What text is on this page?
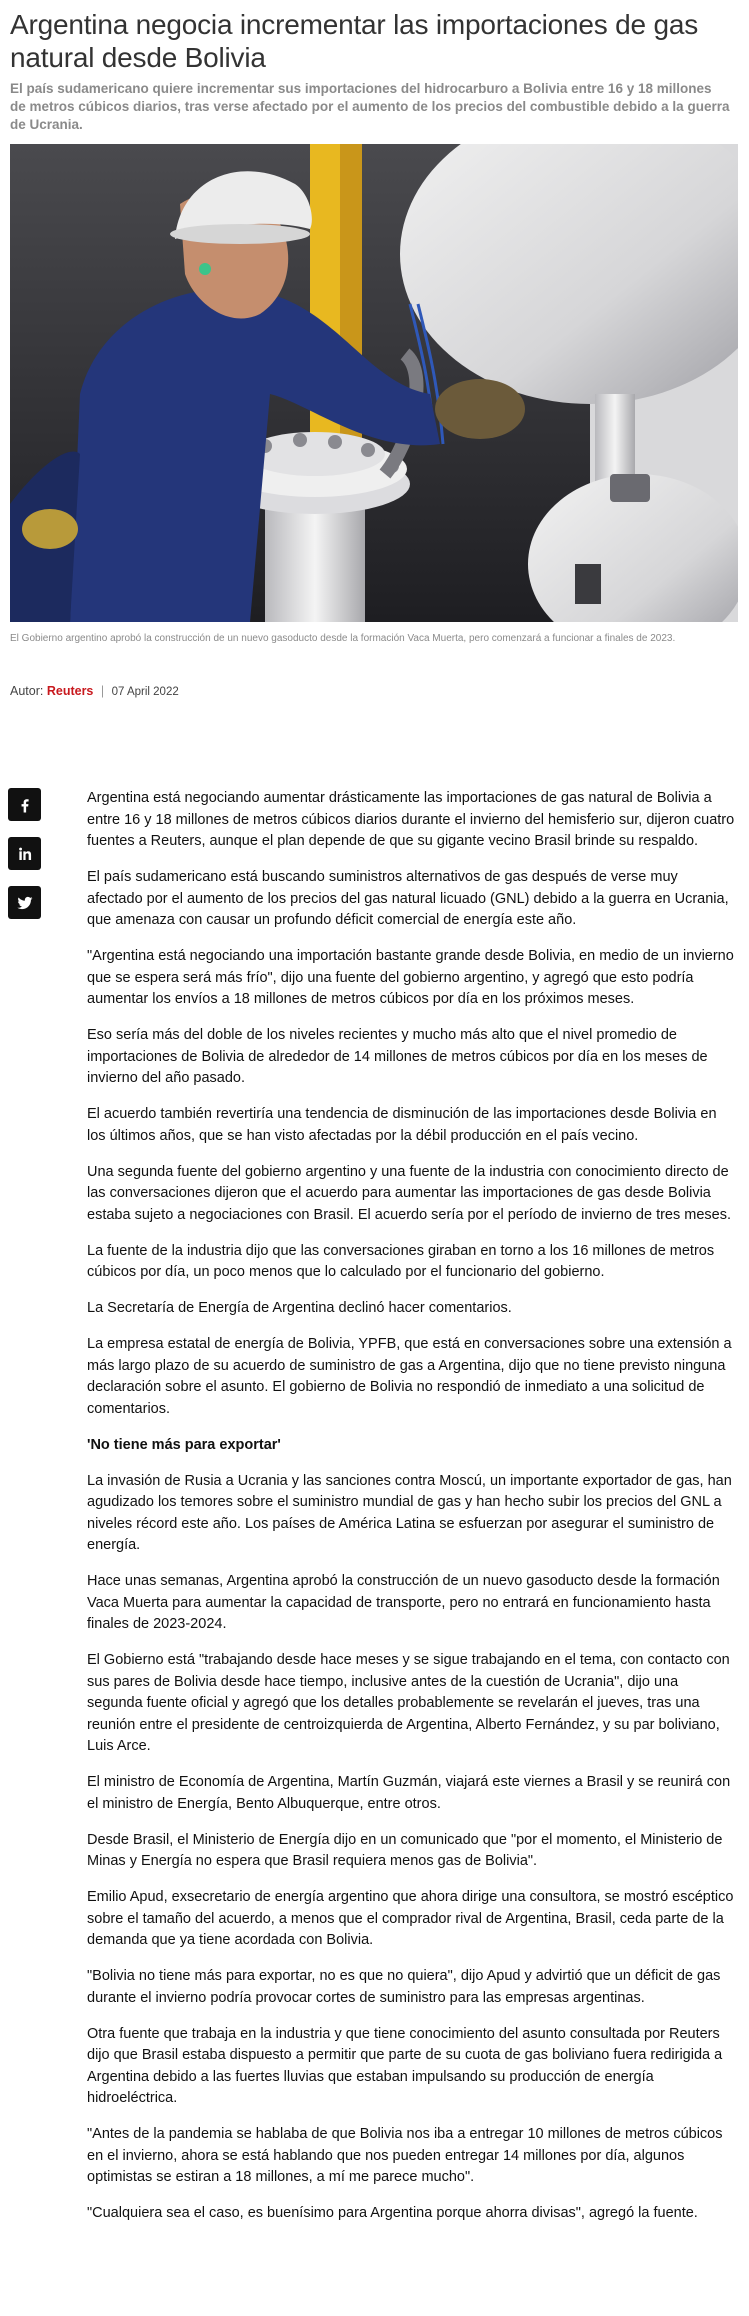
Argentina negocia incrementar las importaciones de gas natural desde Bolivia
El país sudamericano quiere incrementar sus importaciones del hidrocarburo a Bolivia entre 16 y 18 millones de metros cúbicos diarios, tras verse afectado por el aumento de los precios del combustible debido a la guerra de Ucrania.
El Gobierno argentino aprobó la construcción de un nuevo gasoducto desde la formación Vaca Muerta, pero comenzará a funcionar a finales de 2023.
Autor: Reuters | 07 April 2022

Argentina está negociando aumentar drásticamente las importaciones de gas natural de Bolivia a entre 16 y 18 millones de metros cúbicos diarios durante el invierno del hemisferio sur, dijeron cuatro fuentes a Reuters, aunque el plan depende de que su gigante vecino Brasil brinde su respaldo.

El país sudamericano está buscando suministros alternativos de gas después de verse muy afectado por el aumento de los precios del gas natural licuado (GNL) debido a la guerra en Ucrania, que amenaza con causar un profundo déficit comercial de energía este año.

"Argentina está negociando una importación bastante grande desde Bolivia, en medio de un invierno que se espera será más frío", dijo una fuente del gobierno argentino, y agregó que esto podría aumentar los envíos a 18 millones de metros cúbicos por día en los próximos meses.

Eso sería más del doble de los niveles recientes y mucho más alto que el nivel promedio de importaciones de Bolivia de alrededor de 14 millones de metros cúbicos por día en los meses de invierno del año pasado.

El acuerdo también revertiría una tendencia de disminución de las importaciones desde Bolivia en los últimos años, que se han visto afectadas por la débil producción en el país vecino.

Una segunda fuente del gobierno argentino y una fuente de la industria con conocimiento directo de las conversaciones dijeron que el acuerdo para aumentar las importaciones de gas desde Bolivia estaba sujeto a negociaciones con Brasil. El acuerdo sería por el período de invierno de tres meses.

La fuente de la industria dijo que las conversaciones giraban en torno a los 16 millones de metros cúbicos por día, un poco menos que lo calculado por el funcionario del gobierno.

La Secretaría de Energía de Argentina declinó hacer comentarios.

La empresa estatal de energía de Bolivia, YPFB, que está en conversaciones sobre una extensión a más largo plazo de su acuerdo de suministro de gas a Argentina, dijo que no tiene previsto ninguna declaración sobre el asunto. El gobierno de Bolivia no respondió de inmediato a una solicitud de comentarios.

'No tiene más para exportar'

La invasión de Rusia a Ucrania y las sanciones contra Moscú, un importante exportador de gas, han agudizado los temores sobre el suministro mundial de gas y han hecho subir los precios del GNL a niveles récord este año. Los países de América Latina se esfuerzan por asegurar el suministro de energía.

Hace unas semanas, Argentina aprobó la construcción de un nuevo gasoducto desde la formación Vaca Muerta para aumentar la capacidad de transporte, pero no entrará en funcionamiento hasta finales de 2023-2024.

El Gobierno está "trabajando desde hace meses y se sigue trabajando en el tema, con contacto con sus pares de Bolivia desde hace tiempo, inclusive antes de la cuestión de Ucrania", dijo una segunda fuente oficial y agregó que los detalles probablemente se revelarán el jueves, tras una reunión entre el presidente de centroizquierda de Argentina, Alberto Fernández, y su par boliviano, Luis Arce.

El ministro de Economía de Argentina, Martín Guzmán, viajará este viernes a Brasil y se reunirá con el ministro de Energía, Bento Albuquerque, entre otros.

Desde Brasil, el Ministerio de Energía dijo en un comunicado que "por el momento, el Ministerio de Minas y Energía no espera que Brasil requiera menos gas de Bolivia".

Emilio Apud, exsecretario de energía argentino que ahora dirige una consultora, se mostró escéptico sobre el tamaño del acuerdo, a menos que el comprador rival de Argentina, Brasil, ceda parte de la demanda que ya tiene acordada con Bolivia.

"Bolivia no tiene más para exportar, no es que no quiera", dijo Apud y advirtió que un déficit de gas durante el invierno podría provocar cortes de suministro para las empresas argentinas.

Otra fuente que trabaja en la industria y que tiene conocimiento del asunto consultada por Reuters dijo que Brasil estaba dispuesto a permitir que parte de su cuota de gas boliviano fuera redirigida a Argentina debido a las fuertes lluvias que estaban impulsando su producción de energía hidroeléctrica.

"Antes de la pandemia se hablaba de que Bolivia nos iba a entregar 10 millones de metros cúbicos en el invierno, ahora se está hablando que nos pueden entregar 14 millones por día, algunos optimistas se estiran a 18 millones, a mí me parece mucho".

"Cualquiera sea el caso, es buenísimo para Argentina porque ahorra divisas", agregó la fuente.
